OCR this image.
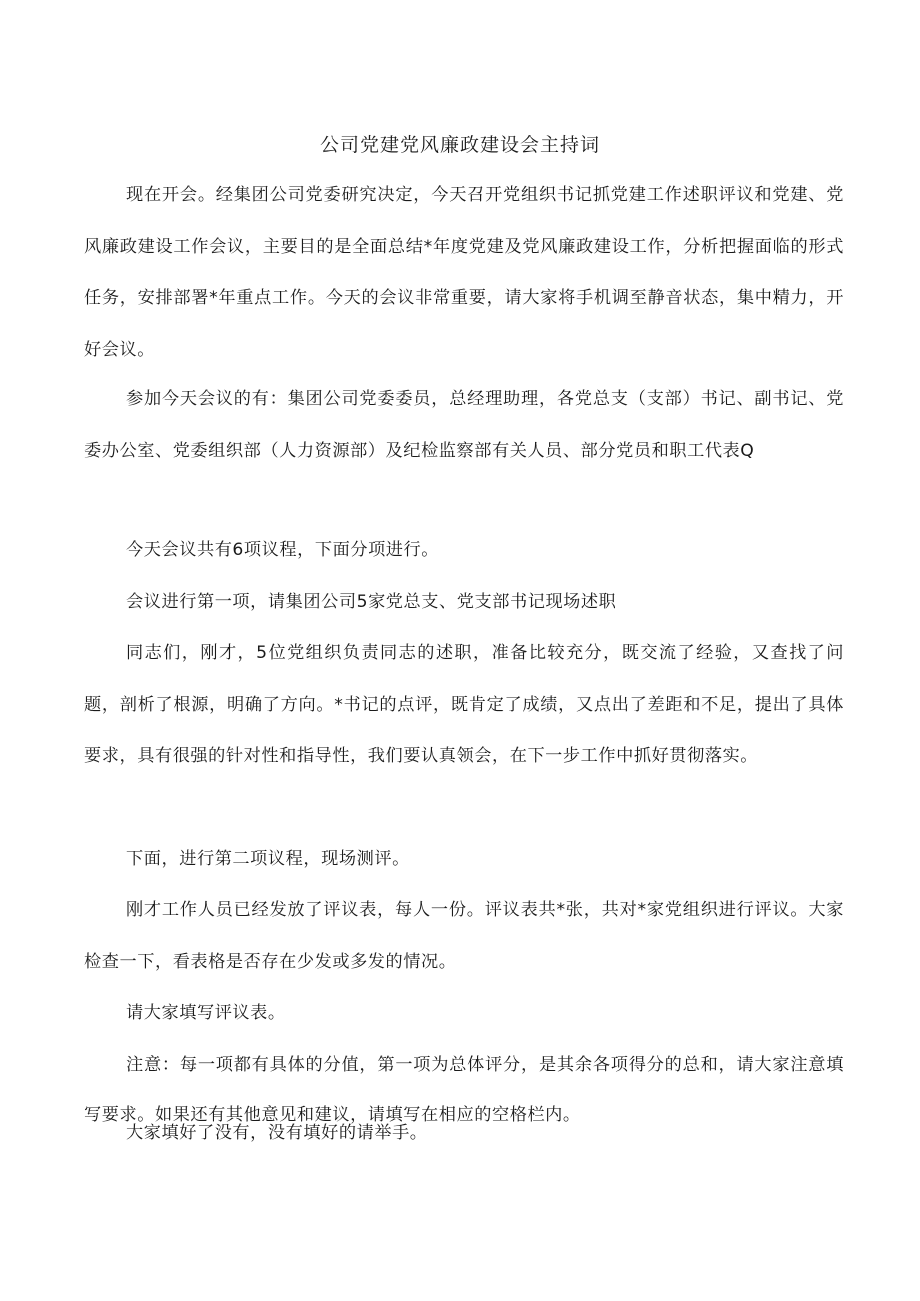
公司党建党风廉政建设会主持词

现在开会。经集团公司党委研究决定，今天召开党组织书记抓党建工作述职评议和党建、党风廉政建设工作会议，主要目的是全面总结*年度党建及党风廉政建设工作，分析把握面临的形式任务，安排部署*年重点工作。今天的会议非常重要，请大家将手机调至静音状态，集中精力，开好会议。

参加今天会议的有：集团公司党委委员，总经理助理，各党总支（支部）书记、副书记、党委办公室、党委组织部（人力资源部）及纪检监察部有关人员、部分党员和职工代表Q

今天会议共有6项议程，下面分项进行。

会议进行第一项，请集团公司5家党总支、党支部书记现场述职

同志们，刚才，5位党组织负责同志的述职，准备比较充分，既交流了经验，又查找了问题，剖析了根源，明确了方向。*书记的点评，既肯定了成绩，又点出了差距和不足，提出了具体要求，具有很强的针对性和指导性，我们要认真领会，在下一步工作中抓好贯彻落实。

下面，进行第二项议程，现场测评。

刚才工作人员已经发放了评议表，每人一份。评议表共*张，共对*家党组织进行评议。大家检查一下，看表格是否存在少发或多发的情况。

请大家填写评议表。

注意：每一项都有具体的分值，第一项为总体评分，是其余各项得分的总和，请大家注意填写要求。如果还有其他意见和建议，请填写在相应的空格栏内。

大家填好了没有，没有填好的请举手。
